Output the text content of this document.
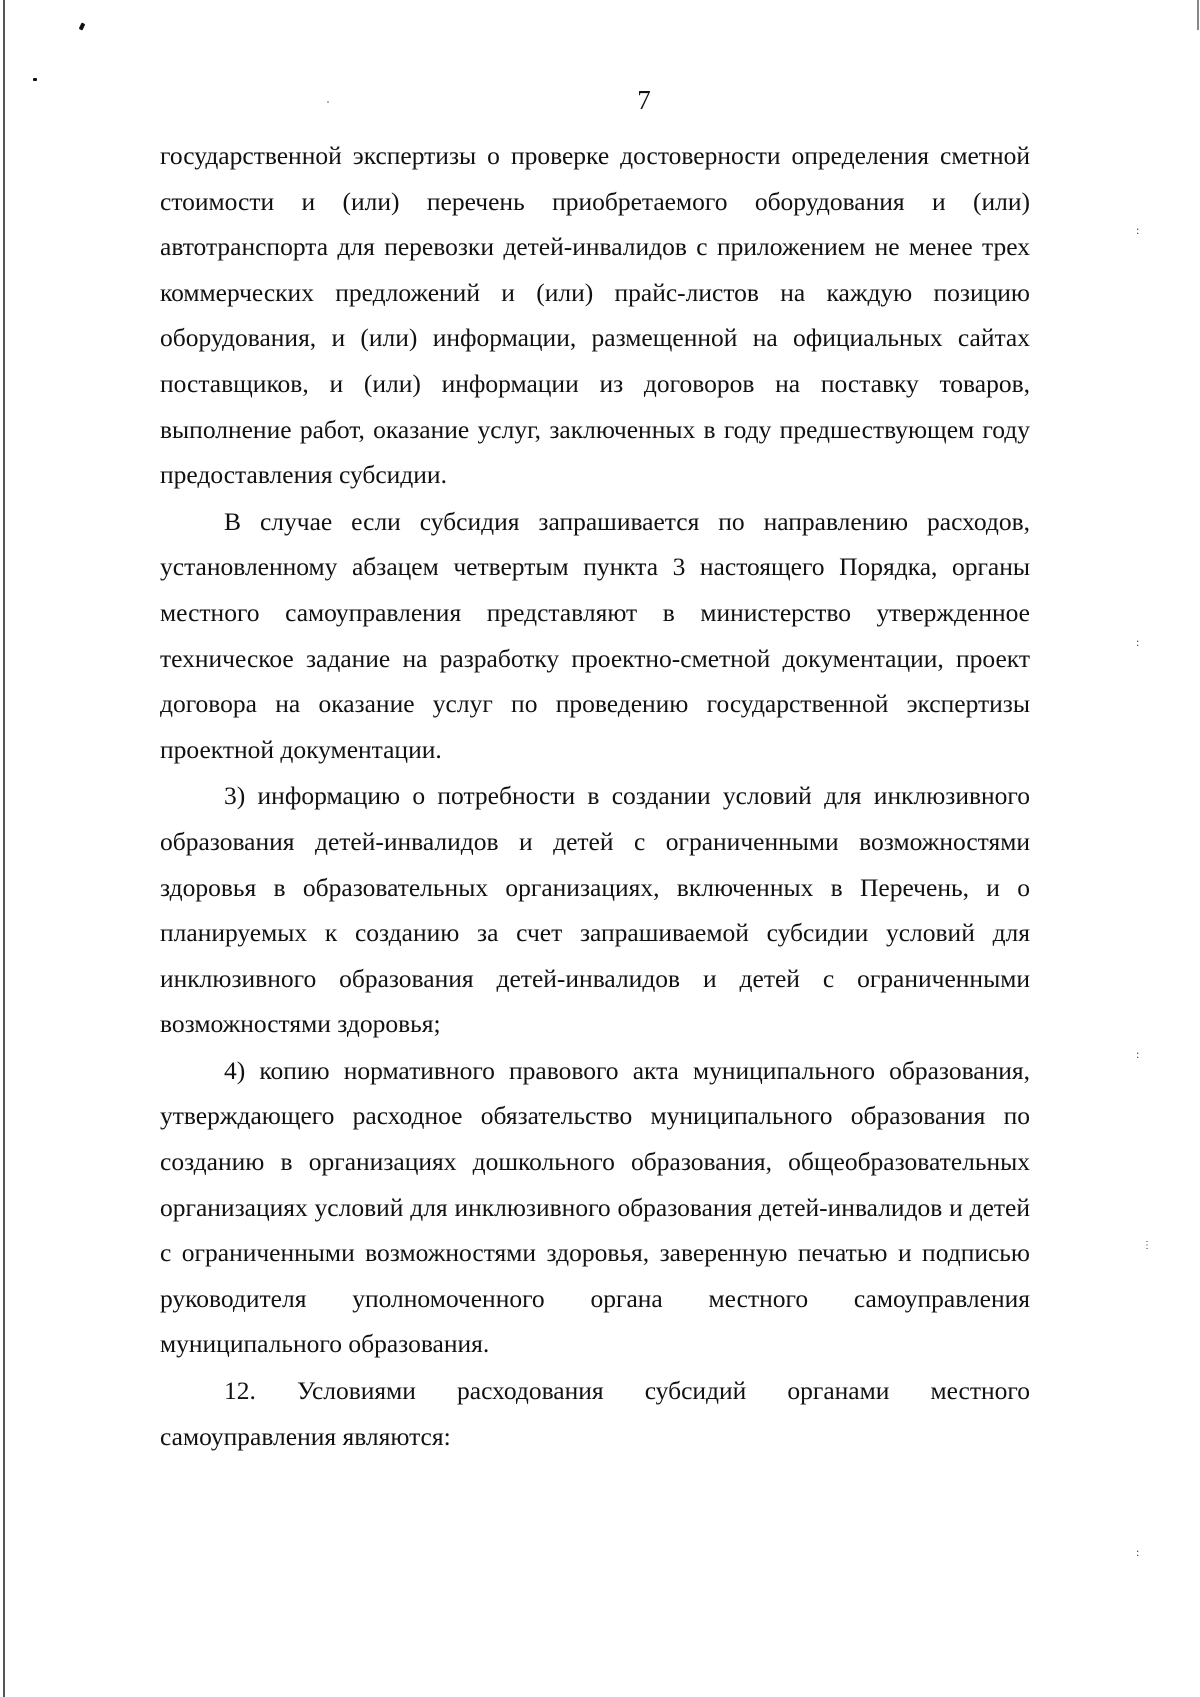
7

государственной экспертизы о проверке достоверности определения сметной стоимости и (или) перечень приобретаемого оборудования и (или) автотранспорта для перевозки детей-инвалидов с приложением не менее трех коммерческих предложений и (или) прайс-листов на каждую позицию оборудования, и (или) информации, размещенной на официальных сайтах поставщиков, и (или) информации из договоров на поставку товаров, выполнение работ, оказание услуг, заключенных в году предшествующем году предоставления субсидии.

В случае если субсидия запрашивается по направлению расходов, установленному абзацем четвертым пункта 3 настоящего Порядка, органы местного самоуправления представляют в министерство утвержденное техническое задание на разработку проектно-сметной документации, проект договора на оказание услуг по проведению государственной экспертизы проектной документации.

3) информацию о потребности в создании условий для инклюзивного образования детей-инвалидов и детей с ограниченными возможностями здоровья в образовательных организациях, включенных в Перечень, и о планируемых к созданию за счет запрашиваемой субсидии условий для инклюзивного образования детей-инвалидов и детей с ограниченными возможностями здоровья;

4) копию нормативного правового акта муниципального образования, утверждающего расходное обязательство муниципального образования по созданию в организациях дошкольного образования, общеобразовательных организациях условий для инклюзивного образования детей-инвалидов и детей с ограниченными возможностями здоровья, заверенную печатью и подписью руководителя уполномоченного органа местного самоуправления муниципального образования.

12. Условиями расходования субсидий органами местного самоуправления являются:

:
:
:
⋮
:
